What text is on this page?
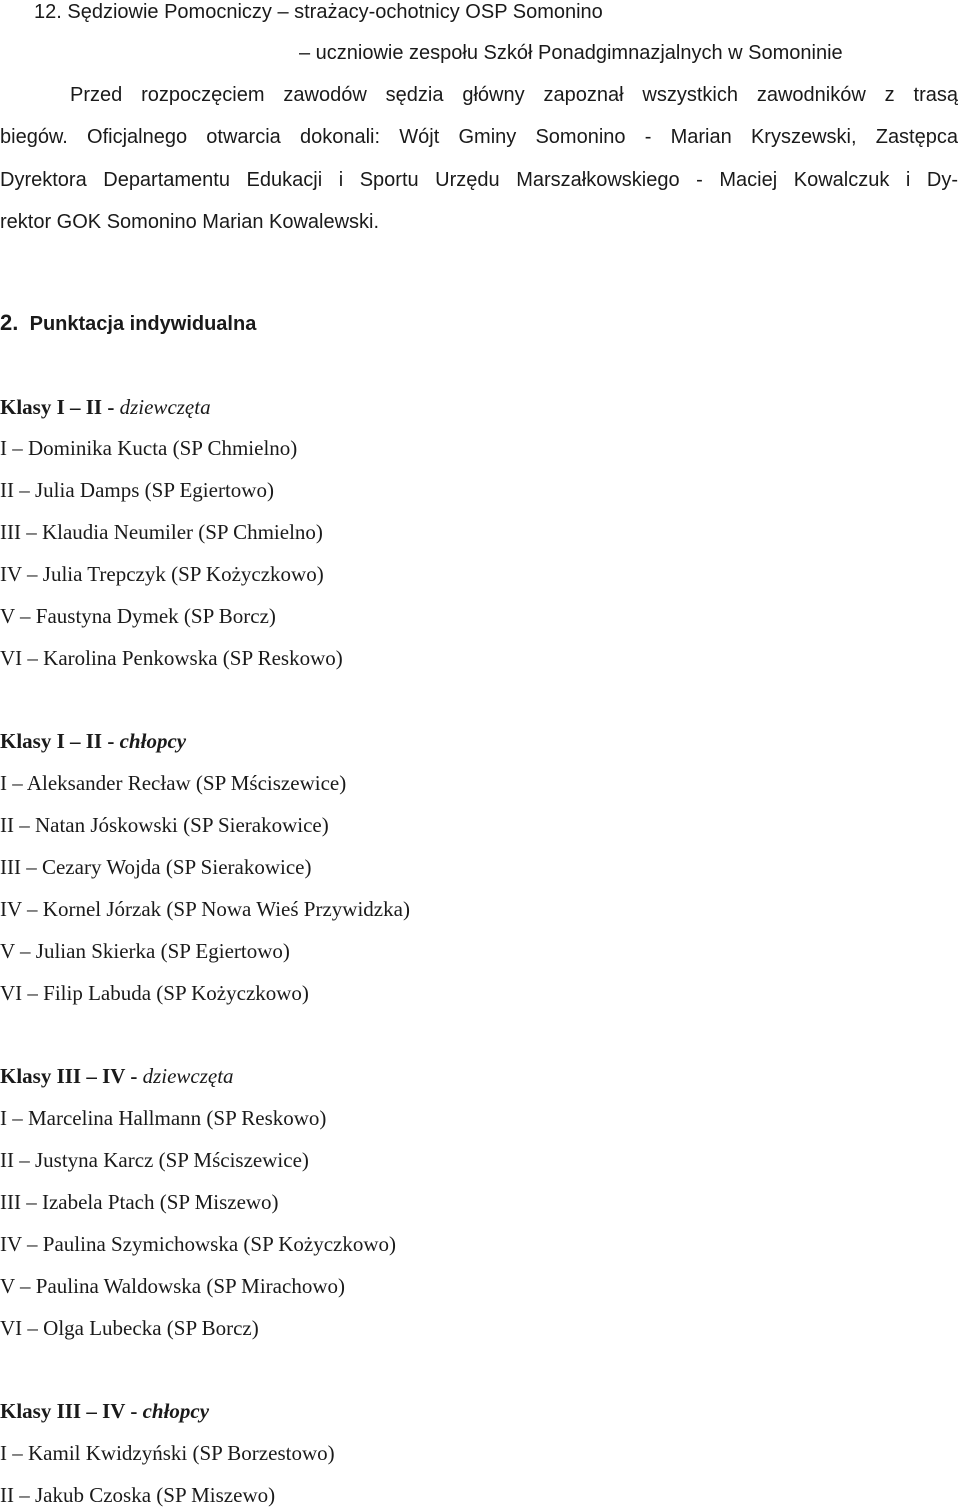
12. Sędziowie Pomocniczy – strażacy-ochotnicy OSP Somonino
– uczniowie zespołu Szkół Ponadgimnazjalnych w Somoninie
Przed rozpoczęciem zawodów sędzia główny zapoznał wszystkich zawodników z trasą
biegów. Oficjalnego otwarcia dokonali: Wójt Gminy Somonino - Marian Kryszewski, Zastępca
Dyrektora Departamentu Edukacji i Sportu Urzędu Marszałkowskiego - Maciej Kowalczuk i Dy-
rektor GOK Somonino Marian Kowalewski.
2. Punktacja indywidualna
Klasy I – II - dziewczęta
I – Dominika Kucta (SP Chmielno)
II – Julia Damps (SP Egiertowo)
III – Klaudia Neumiler (SP Chmielno)
IV – Julia Trepczyk (SP Kożyczkowo)
V – Faustyna Dymek (SP Borcz)
VI – Karolina Penkowska (SP Reskowo)
Klasy I – II - chłopcy
I – Aleksander Recław (SP Mściszewice)
II – Natan Jóskowski (SP Sierakowice)
III – Cezary Wojda (SP Sierakowice)
IV – Kornel Jórzak (SP Nowa Wieś Przywidzka)
V – Julian Skierka (SP Egiertowo)
VI – Filip Labuda (SP Kożyczkowo)
Klasy III – IV - dziewczęta
I – Marcelina Hallmann (SP Reskowo)
II – Justyna Karcz (SP Mściszewice)
III – Izabela Ptach (SP Miszewo)
IV – Paulina Szymichowska (SP Kożyczkowo)
V – Paulina Waldowska (SP Mirachowo)
VI – Olga Lubecka (SP Borcz)
Klasy III – IV - chłopcy
I – Kamil Kwidzyński (SP Borzestowo)
II – Jakub Czoska (SP Miszewo)
